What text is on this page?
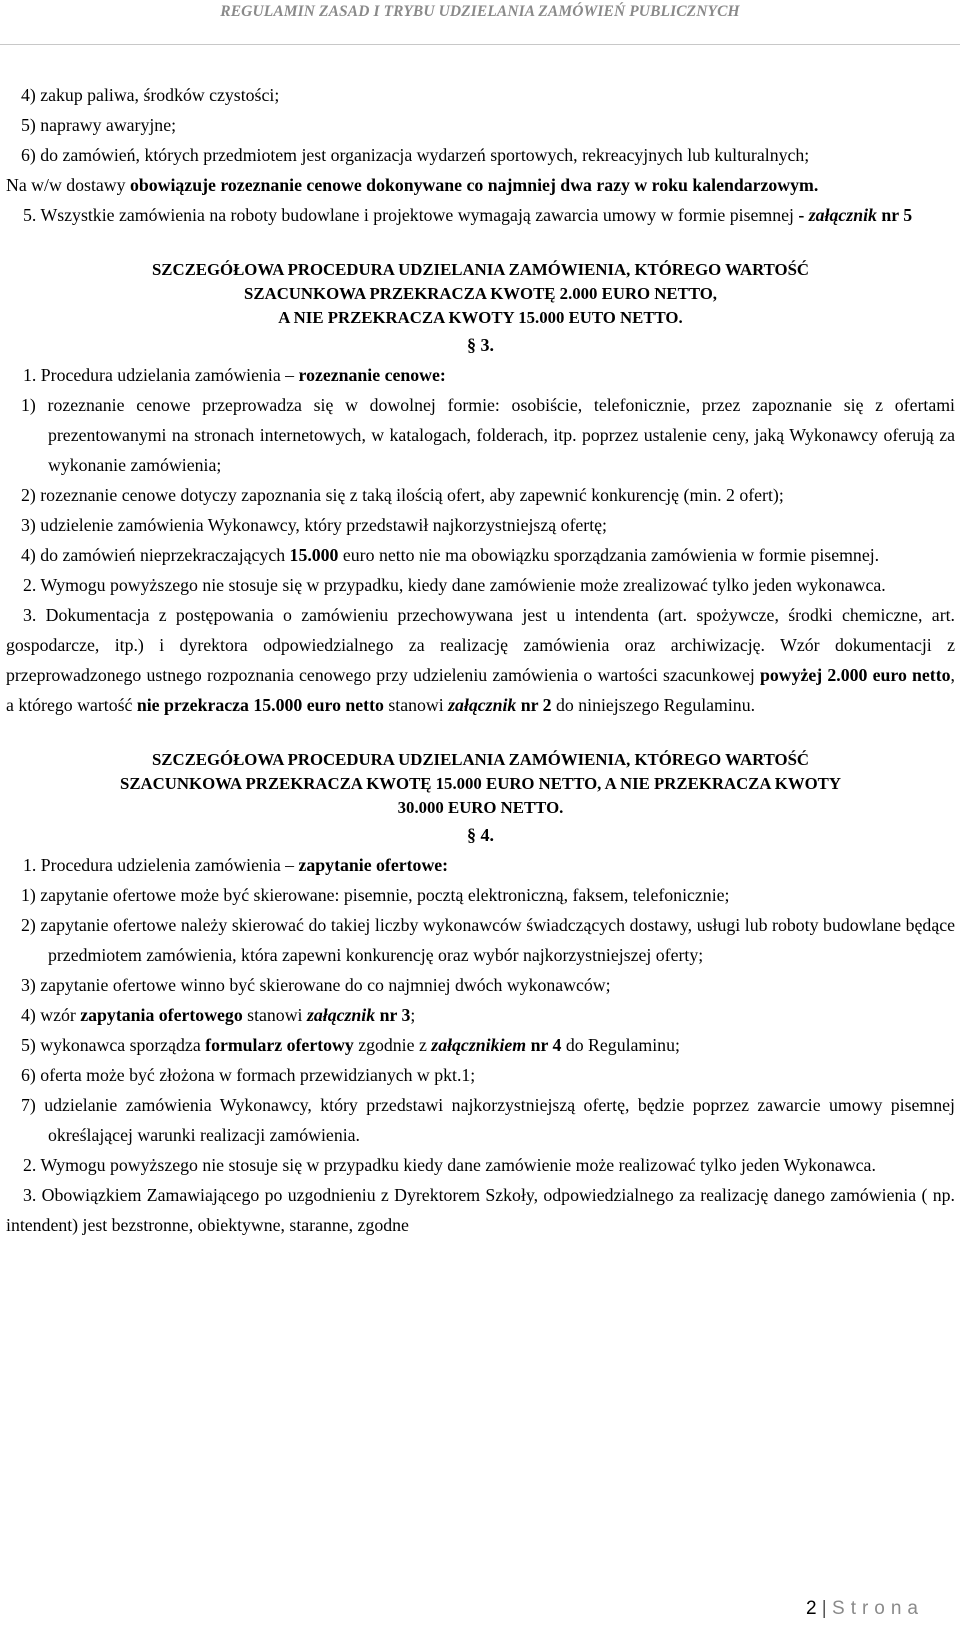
REGULAMIN ZASAD I TRYBU UDZIELANIA ZAMÓWIEŃ PUBLICZNYCH

4) zakup paliwa, środków czystości;

5) naprawy awaryjne;

6) do zamówień, których przedmiotem jest organizacja wydarzeń sportowych, rekreacyjnych lub kulturalnych;

Na w/w dostawy obowiązuje rozeznanie cenowe dokonywane co najmniej dwa razy w roku kalendarzowym.

5. Wszystkie zamówienia na roboty budowlane i projektowe wymagają zawarcia umowy w formie pisemnej - załącznik nr 5

SZCZEGÓŁOWA PROCEDURA UDZIELANIA ZAMÓWIENIA, KTÓREGO WARTOŚĆ
SZACUNKOWA PRZEKRACZA KWOTĘ 2.000 EURO NETTO,
A NIE PRZEKRACZA KWOTY 15.000 EUTO NETTO.

§ 3.

1. Procedura udzielania zamówienia – rozeznanie cenowe:

1) rozeznanie cenowe przeprowadza się w dowolnej formie: osobiście, telefonicznie, przez zapoznanie się z ofertami prezentowanymi na stronach internetowych, w katalogach, folderach, itp. poprzez ustalenie ceny, jaką Wykonawcy oferują za wykonanie zamówienia;

2) rozeznanie cenowe dotyczy zapoznania się z taką ilością ofert, aby zapewnić konkurencję (min. 2 ofert);

3) udzielenie zamówienia Wykonawcy, który przedstawił najkorzystniejszą ofertę;

4) do zamówień nieprzekraczających 15.000 euro netto nie ma obowiązku sporządzania zamówienia w formie pisemnej.

2. Wymogu powyższego nie stosuje się w przypadku, kiedy dane zamówienie może zrealizować tylko jeden wykonawca.

3. Dokumentacja z postępowania o zamówieniu przechowywana jest u intendenta (art. spożywcze, środki chemiczne, art. gospodarcze, itp.) i dyrektora odpowiedzialnego za realizację zamówienia oraz archiwizację. Wzór dokumentacji z przeprowadzonego ustnego rozpoznania cenowego przy udzieleniu zamówienia o wartości szacunkowej powyżej 2.000 euro netto, a którego wartość nie przekracza 15.000 euro netto stanowi załącznik nr 2 do niniejszego Regulaminu.

SZCZEGÓŁOWA PROCEDURA UDZIELANIA ZAMÓWIENIA, KTÓREGO WARTOŚĆ
SZACUNKOWA PRZEKRACZA KWOTĘ 15.000 EURO NETTO, A NIE PRZEKRACZA KWOTY
30.000 EURO NETTO.

§ 4.

1. Procedura udzielenia zamówienia – zapytanie ofertowe:

1) zapytanie ofertowe może być skierowane: pisemnie, pocztą elektroniczną, faksem, telefonicznie;

2) zapytanie ofertowe należy skierować do takiej liczby wykonawców świadczących dostawy, usługi lub roboty budowlane będące przedmiotem zamówienia, która zapewni konkurencję oraz wybór najkorzystniejszej oferty;

3) zapytanie ofertowe winno być skierowane do co najmniej dwóch wykonawców;

4) wzór zapytania ofertowego stanowi załącznik nr 3;

5) wykonawca sporządza formularz ofertowy zgodnie z załącznikiem nr 4 do Regulaminu;

6) oferta może być złożona w formach przewidzianych w pkt.1;

7) udzielanie zamówienia Wykonawcy, który przedstawi najkorzystniejszą ofertę, będzie poprzez zawarcie umowy pisemnej określającej warunki realizacji zamówienia.

2. Wymogu powyższego nie stosuje się w przypadku kiedy dane zamówienie może realizować tylko jeden Wykonawca.

3. Obowiązkiem Zamawiającego po uzgodnieniu z Dyrektorem Szkoły, odpowiedzialnego za realizację danego zamówienia ( np. intendent) jest bezstronne, obiektywne, staranne, zgodne

2 | Strona
